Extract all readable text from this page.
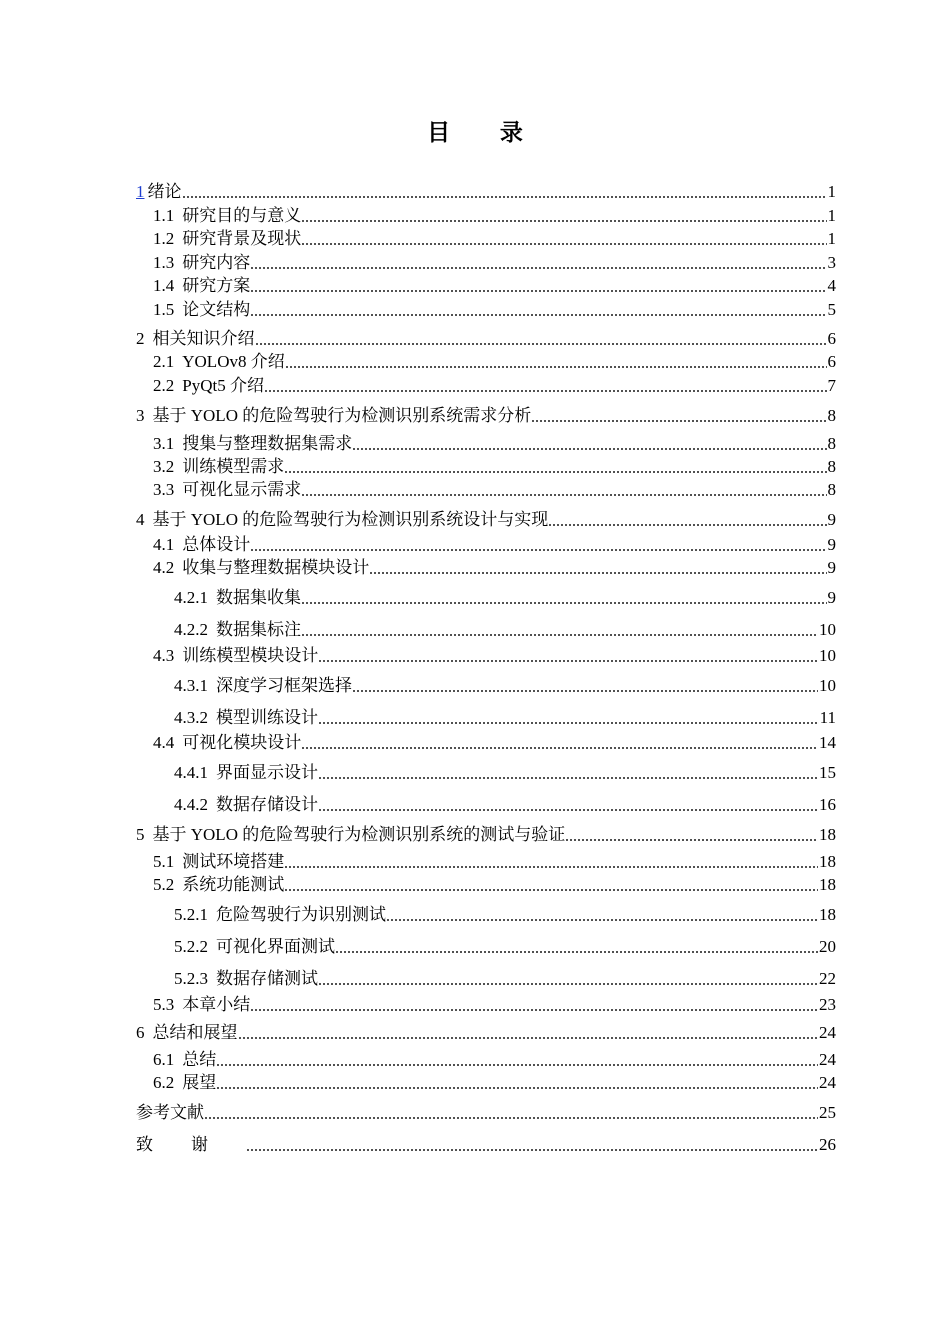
目 录
1 绪论	1
1.1 研究目的与意义	1
1.2 研究背景及现状	1
1.3 研究内容	3
1.4 研究方案	4
1.5 论文结构	5
2 相关知识介绍	6
2.1 YOLOv8 介绍	6
2.2 PyQt5 介绍	7
3 基于 YOLO 的危险驾驶行为检测识别系统需求分析	8
3.1 搜集与整理数据集需求	8
3.2 训练模型需求	8
3.3 可视化显示需求	8
4 基于 YOLO 的危险驾驶行为检测识别系统设计与实现	9
4.1 总体设计	9
4.2 收集与整理数据模块设计	9
4.2.1 数据集收集	9
4.2.2 数据集标注	10
4.3 训练模型模块设计	10
4.3.1 深度学习框架选择	10
4.3.2 模型训练设计	11
4.4 可视化模块设计	14
4.4.1 界面显示设计	15
4.4.2 数据存储设计	16
5 基于 YOLO 的危险驾驶行为检测识别系统的测试与验证	18
5.1 测试环境搭建	18
5.2 系统功能测试	18
5.2.1 危险驾驶行为识别测试	18
5.2.2 可视化界面测试	20
5.2.3 数据存储测试	22
5.3 本章小结	23
6 总结和展望	24
6.1 总结	24
6.2 展望	24
参考文献	25
致谢	26
